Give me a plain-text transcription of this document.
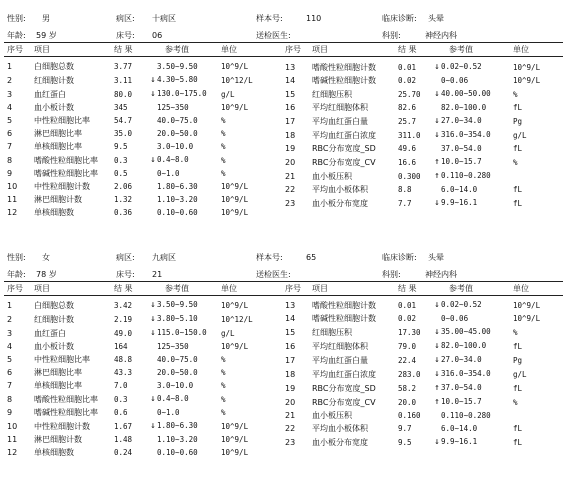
性别: 男	病区: 十病区	样本号:	110	临床诊断: 头晕
年龄: 59 岁	床号: 06	送检医生:	科别:	神经内科
序号	项目	结 果	参考值	单位	序号	项目	结 果	参考值	单位
1	白细胞总数	3.77	3.50~9.50	10^9/L
2	红细胞计数	3.11	↓4.30~5.80	10^12/L
3	血红蛋白	80.0	↓130.0~175.0	g/L
4	血小板计数	345	125~350	10^9/L
5	中性粒细胞比率	54.7	40.0~75.0	%
6	淋巴细胞比率	35.0	20.0~50.0	%
7	单核细胞比率	9.5	3.0~10.0	%
8	嗜酸性粒细胞比率	0.3	↓0.4~8.0	%
9	嗜碱性粒细胞比率	0.5	0~1.0	%
10	中性粒细胞计数	2.06	1.80~6.30	10^9/L
11	淋巴细胞计数	1.32	1.10~3.20	10^9/L
12	单核细胞数	0.36	0.10~0.60	10^9/L
13	嗜酸性粒细胞计数	0.01	↓0.02~0.52	10^9/L
14	嗜碱性粒细胞计数	0.02	0~0.06	10^9/L
15	红细胞压积	25.70	↓40.00~50.00	%
16	平均红细胞体积	82.6	82.0~100.0	fL
17	平均血红蛋白量	25.7	↓27.0~34.0	Pg
18	平均血红蛋白浓度	311.0	↓316.0~354.0	g/L
19	RBC分布宽度_SD	49.6	37.0~54.0	fL
20	RBC分布宽度_CV	16.6	↑10.0~15.7	%
21	血小板压积	0.300	↑0.110~0.280	
22	平均血小板体积	8.8	6.0~14.0	fL
23	血小板分布宽度	7.7	↓9.9~16.1	fL
性别: 女	病区: 九病区	样本号:	65	临床诊断: 头晕
年龄: 78 岁	床号: 21	送检医生:	科别:	神经内科
序号	项目	结 果	参考值	单位	序号	项目	结 果	参考值	单位
1	白细胞总数	3.42	↓3.50~9.50	10^9/L
2	红细胞计数	2.19	↓3.80~5.10	10^12/L
3	血红蛋白	49.0	↓115.0~150.0	g/L
4	血小板计数	164	125~350	10^9/L
5	中性粒细胞比率	48.8	40.0~75.0	%
6	淋巴细胞比率	43.3	20.0~50.0	%
7	单核细胞比率	7.0	3.0~10.0	%
8	嗜酸性粒细胞比率	0.3	↓0.4~8.0	%
9	嗜碱性粒细胞比率	0.6	0~1.0	%
10	中性粒细胞计数	1.67	↓1.80~6.30	10^9/L
11	淋巴细胞计数	1.48	1.10~3.20	10^9/L
12	单核细胞数	0.24	0.10~0.60	10^9/L
13	嗜酸性粒细胞计数	0.01	↓0.02~0.52	10^9/L
14	嗜碱性粒细胞计数	0.02	0~0.06	10^9/L
15	红细胞压积	17.30	↓35.00~45.00	%
16	平均红细胞体积	79.0	↓82.0~100.0	fL
17	平均血红蛋白量	22.4	↓27.0~34.0	Pg
18	平均血红蛋白浓度	283.0	↓316.0~354.0	g/L
19	RBC分布宽度_SD	58.2	↑37.0~54.0	fL
20	RBC分布宽度_CV	20.0	↑10.0~15.7	%
21	血小板压积	0.160	0.110~0.280	
22	平均血小板体积	9.7	6.0~14.0	fL
23	血小板分布宽度	9.5	↓9.9~16.1	fL
